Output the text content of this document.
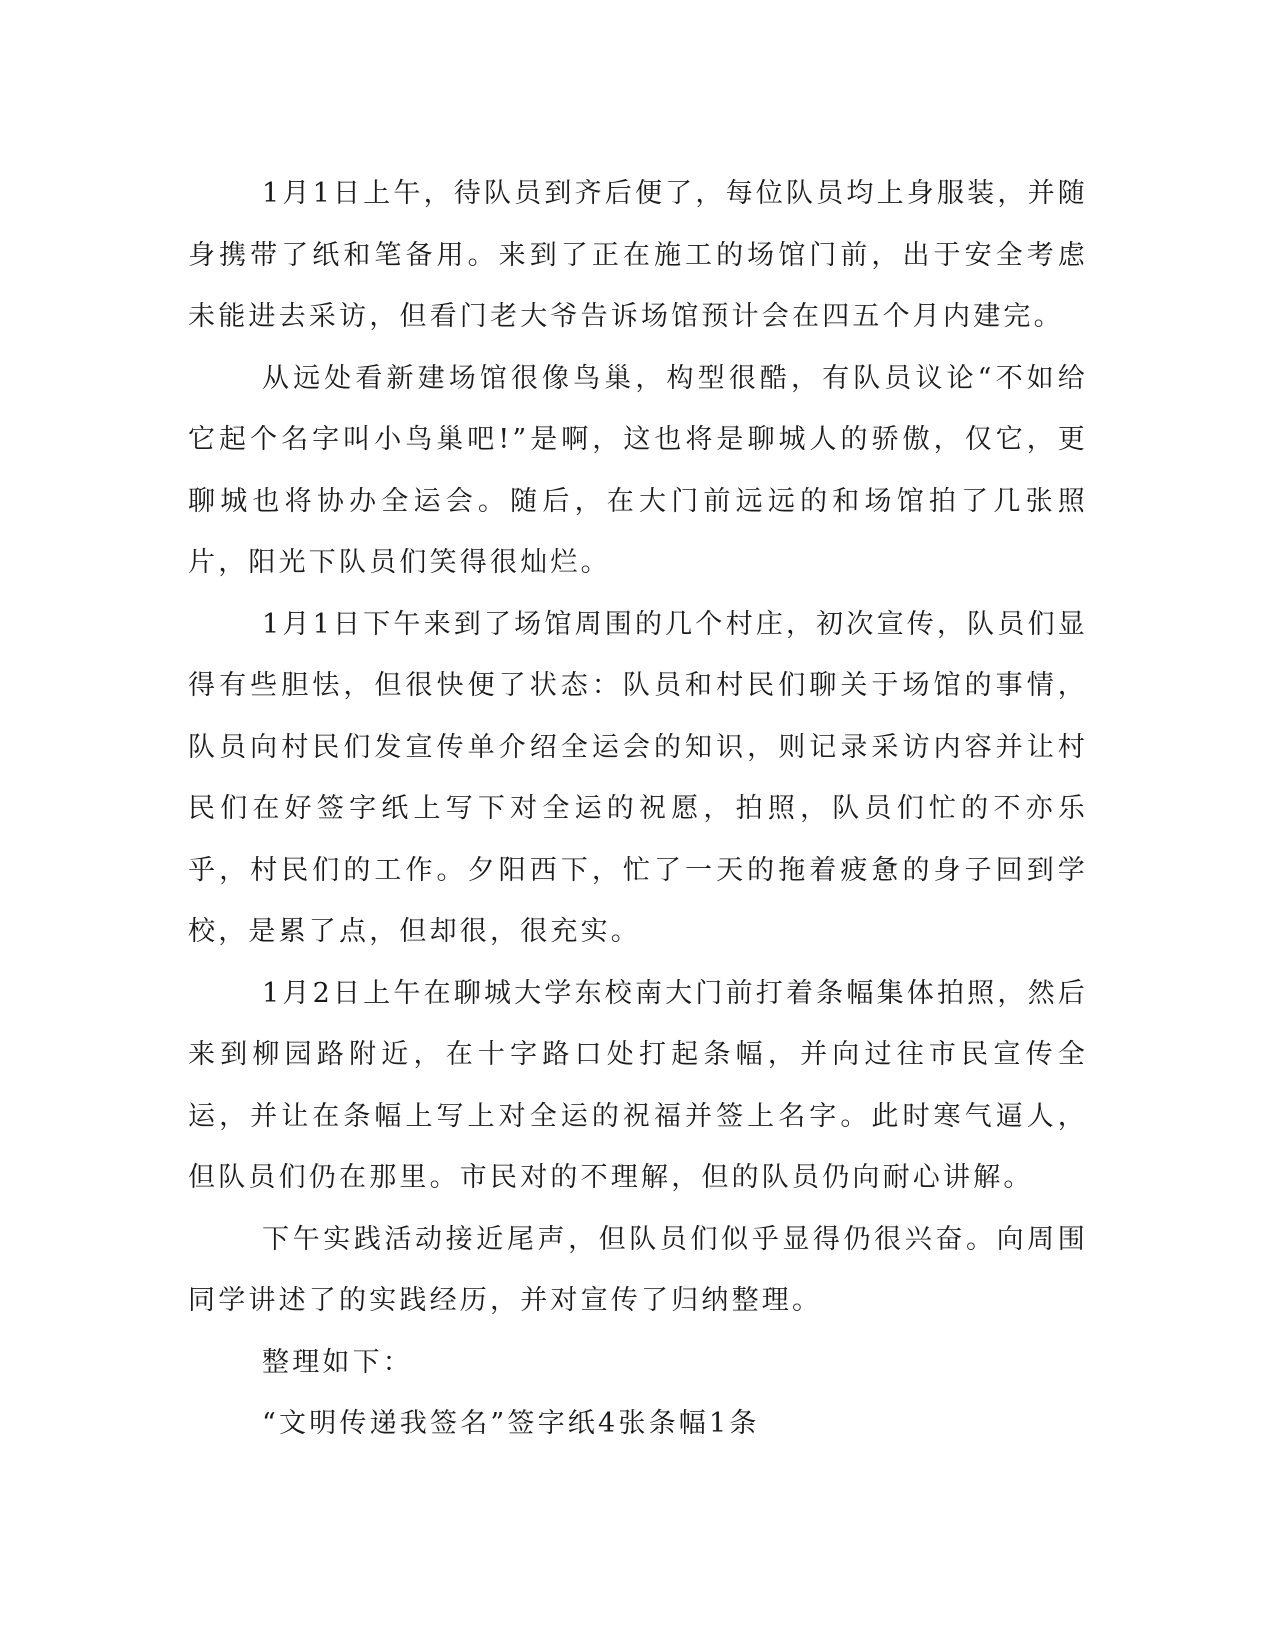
1月1日上午，待队员到齐后便了，每位队员均上身服装，并随身携带了纸和笔备用。来到了正在施工的场馆门前，出于安全考虑未能进去采访，但看门老大爷告诉场馆预计会在四五个月内建完。

从远处看新建场馆很像鸟巢，构型很酷，有队员议论“不如给它起个名字叫小鸟巢吧!”是啊，这也将是聊城人的骄傲，仅它，更聊城也将协办全运会。随后，在大门前远远的和场馆拍了几张照片，阳光下队员们笑得很灿烂。

1月1日下午来到了场馆周围的几个村庄，初次宣传，队员们显得有些胆怯，但很快便了状态：队员和村民们聊关于场馆的事情，队员向村民们发宣传单介绍全运会的知识，则记录采访内容并让村民们在好签字纸上写下对全运的祝愿，拍照，队员们忙的不亦乐乎，村民们的工作。夕阳西下，忙了一天的拖着疲惫的身子回到学校，是累了点，但却很，很充实。

1月2日上午在聊城大学东校南大门前打着条幅集体拍照，然后来到柳园路附近，在十字路口处打起条幅，并向过往市民宣传全运，并让在条幅上写上对全运的祝福并签上名字。此时寒气逼人，但队员们仍在那里。市民对的不理解，但的队员仍向耐心讲解。

下午实践活动接近尾声，但队员们似乎显得仍很兴奋。向周围同学讲述了的实践经历，并对宣传了归纳整理。

整理如下：

“文明传递我签名”签字纸4张条幅1条
